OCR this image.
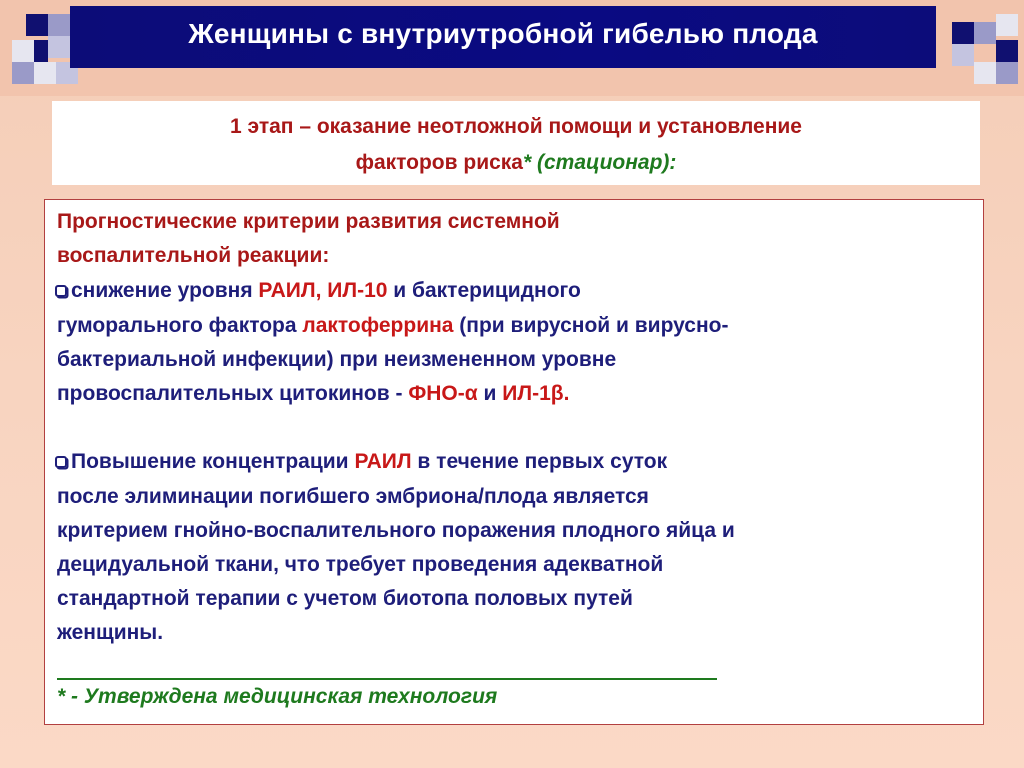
Женщины с внутриутробной гибелью плода
1 этап – оказание неотложной помощи и установление
факторов риска* (стационар):
Прогностические критерии развития системной
воспалительной реакции:
снижение уровня РАИЛ, ИЛ-10 и бактерицидного
гуморального фактора лактоферрина (при вирусной и вирусно-
бактериальной инфекции) при неизмененном уровне
провоспалительных цитокинов - ФНО-α и ИЛ-1β.
Повышение концентрации РАИЛ в течение первых суток
после элиминации погибшего эмбриона/плода является
критерием гнойно-воспалительного поражения плодного яйца и
децидуальной ткани, что требует проведения адекватной
стандартной терапии с учетом биотопа половых путей
женщины.
* - Утверждена медицинская технология
